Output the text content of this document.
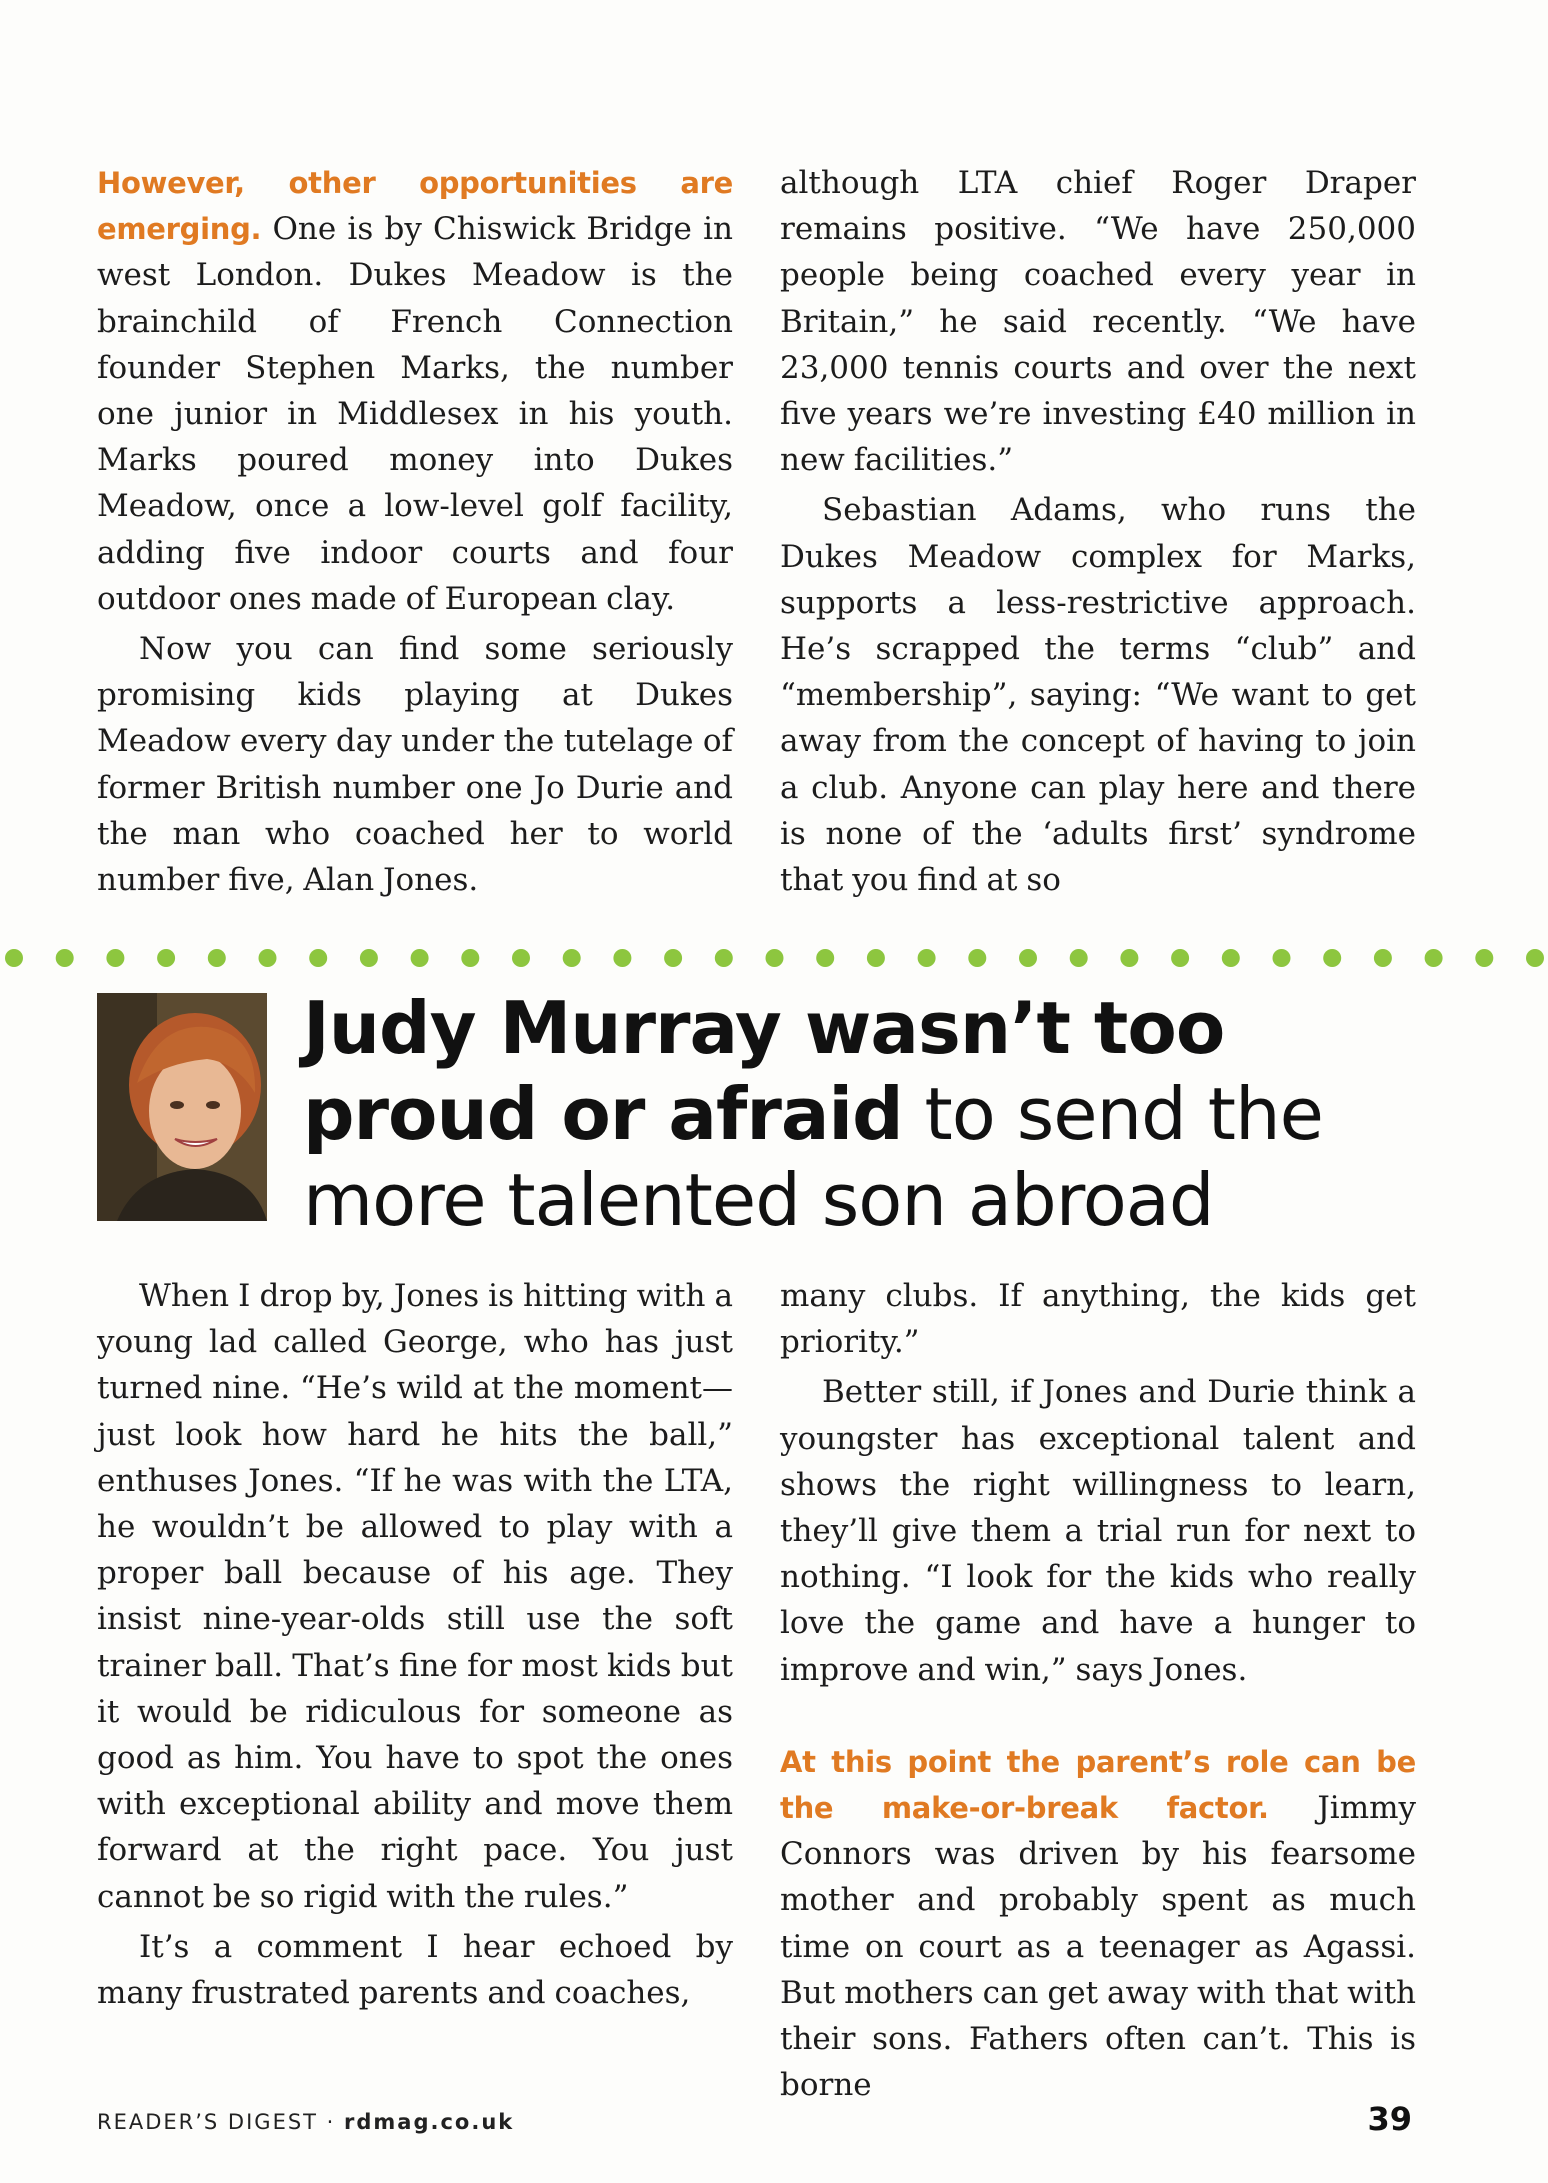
However, other opportunities are emerging. One is by Chiswick Bridge in west London. Dukes Meadow is the brainchild of French Connection founder Stephen Marks, the number one junior in Middlesex in his youth. Marks poured money into Dukes Meadow, once a low-level golf facility, adding five indoor courts and four outdoor ones made of European clay.

Now you can find some seriously promising kids playing at Dukes Meadow every day under the tutelage of former British number one Jo Durie and the man who coached her to world number five, Alan Jones.

although LTA chief Roger Draper remains positive. “We have 250,000 people being coached every year in Britain,” he said recently. “We have 23,000 tennis courts and over the next five years we’re investing £40 million in new facilities.”

Sebastian Adams, who runs the Dukes Meadow complex for Marks, supports a less-restrictive approach. He’s scrapped the terms “club” and “membership”, saying: “We want to get away from the concept of having to join a club. Anyone can play here and there is none of the ‘adults first’ syndrome that you find at so

Judy Murray wasn’t too proud or afraid to send the more talented son abroad

When I drop by, Jones is hitting with a young lad called George, who has just turned nine. “He’s wild at the moment—just look how hard he hits the ball,” enthuses Jones. “If he was with the LTA, he wouldn’t be allowed to play with a proper ball because of his age. They insist nine-year-olds still use the soft trainer ball. That’s fine for most kids but it would be ridiculous for someone as good as him. You have to spot the ones with exceptional ability and move them forward at the right pace. You just cannot be so rigid with the rules.”

It’s a comment I hear echoed by many frustrated parents and coaches,

many clubs. If anything, the kids get priority.”

Better still, if Jones and Durie think a youngster has exceptional talent and shows the right willingness to learn, they’ll give them a trial run for next to nothing. “I look for the kids who really love the game and have a hunger to improve and win,” says Jones.

At this point the parent’s role can be the make-or-break factor. Jimmy Connors was driven by his fearsome mother and probably spent as much time on court as a teenager as Agassi. But mothers can get away with that with their sons. Fathers often can’t. This is borne

READER’S DIGEST · rdmag.co.uk	39
